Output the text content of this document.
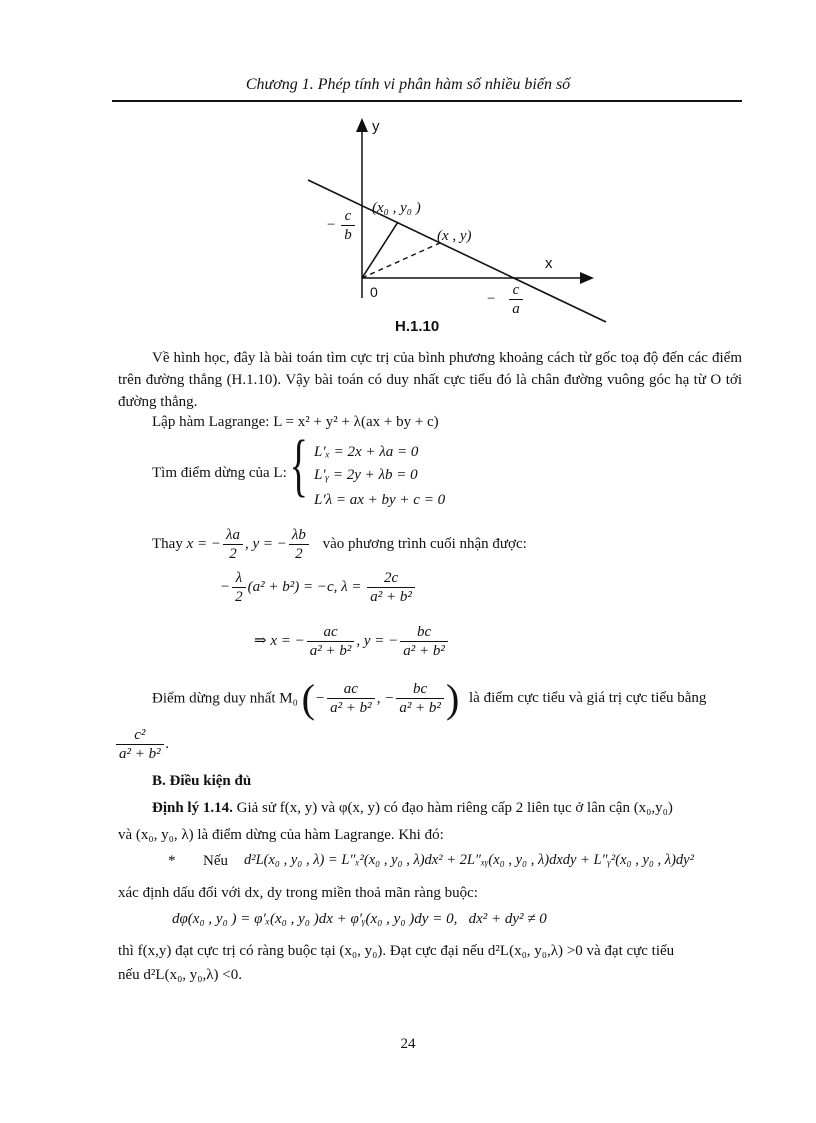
Chương 1. Phép tính vi phân hàm số nhiều biến số
y
x
0
(x₀ , y₀ )
(x , y)
− $\frac{c}{b}$
− $\frac{c}{a}$
H.1.10
Về hình học, đây là bài toán tìm cực trị của bình phương khoảng cách từ gốc toạ độ đến các điểm trên đường thẳng (H.1.10). Vậy bài toán có duy nhất cực tiểu đó là chân đường vuông góc hạ từ O tới đường thẳng.
Lập hàm Lagrange: L = x² + y² + λ(ax + by + c)
Tìm điểm dừng của L: { L′ₓ = 2x + λa = 0
L′ᵧ = 2y + λb = 0
L′λ = ax + by + c = 0
Thay x = − $\frac{\lambda a}{2}$ , y = − $\frac{\lambda b}{2}$ vào phương trình cuối nhận được:
− $\frac{\lambda}{2} (a^2 + b^2) = -c$, $\lambda = \frac{2c}{\text{a² + b²}}$
⇒ x = − $\frac{ac}{\text{a² + b²}}$ , y = − $\frac{bc}{\text{a² + b²}}$
Điểm dừng duy nhất M₀ (− $\frac{ac}{\text{a² + b²}}$ , − $\frac{bc}{\text{a² + b²}}$ ) là điểm cực tiểu và giá trị cực tiểu bằng
$\frac{\text{c²}}{\text{a² + b²}}$ .
B. Điều kiện đủ
Định lý 1.14. Giả sử f(x, y) và φ(x, y) có đạo hàm riêng cấp 2 liên tục ở lân cận (x₀,y₀)
và (x₀, y₀, λ) là điểm dừng của hàm Lagrange. Khi đó:
* Nếu d²L(x₀ , y₀ , λ) = L″ₓ²(x₀ , y₀ , λ)dx² + 2L″ₓᵧ(x₀ , y₀ , λ)dxdy + L″ᵧ²(x₀ , y₀ , λ)dy²
xác định dấu đối với dx, dy trong miền thoả mãn ràng buộc:
dφ(x₀ , y₀ ) = φ′ₓ(x₀ , y₀ )dx + φ′ᵧ(x₀ , y₀ )dy = 0,   dx² + dy² ≠ 0
thì f(x,y) đạt cực trị có ràng buộc tại (x₀, y₀). Đạt cực đại nếu d²L(x₀, y₀,λ) >0 và đạt cực tiểu
nếu d²L(x₀, y₀,λ) <0.
24
